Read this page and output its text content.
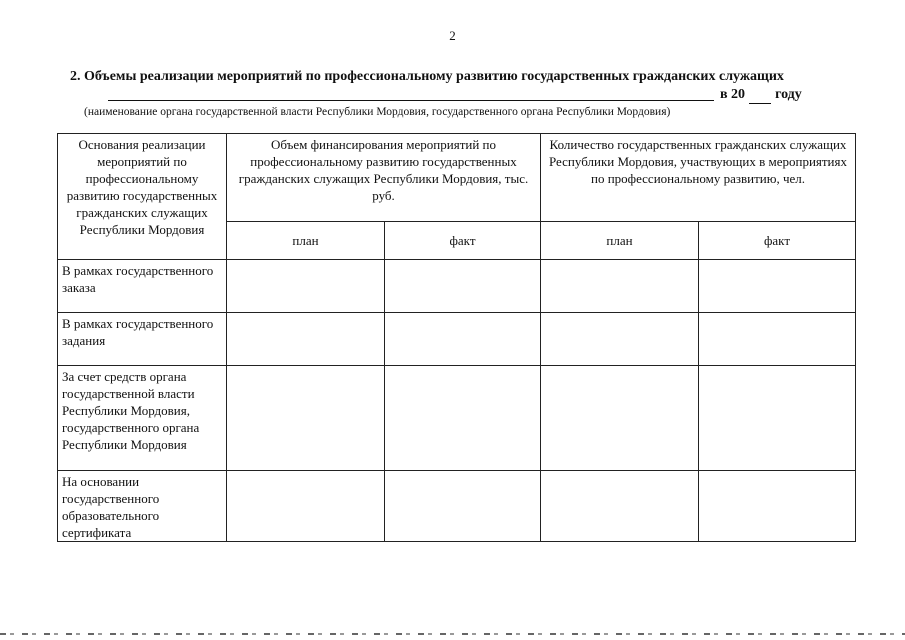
2
2. Объемы реализации мероприятий по профессиональному развитию государственных гражданских служащих
в 20 году
(наименование органа государственной власти Республики Мордовия, государственного органа Республики Мордовия)
Основания реализации мероприятий по профессиональному развитию государственных гражданских служащих Республики Мордовия	Объем финансирования мероприятий по профессиональному развитию государственных гражданских служащих Республики Мордовия, тыс. руб.		Количество государственных гражданских служащих Республики Мордовия, участвующих в мероприятиях по профессиональному развитию, чел.	
	план	факт	план	факт
В рамках государственного заказа				
В рамках государственного задания				
За счет средств органа государственной власти Республики Мордовия, государственного органа Республики Мордовия				
На основании государственного образовательного сертификата				
